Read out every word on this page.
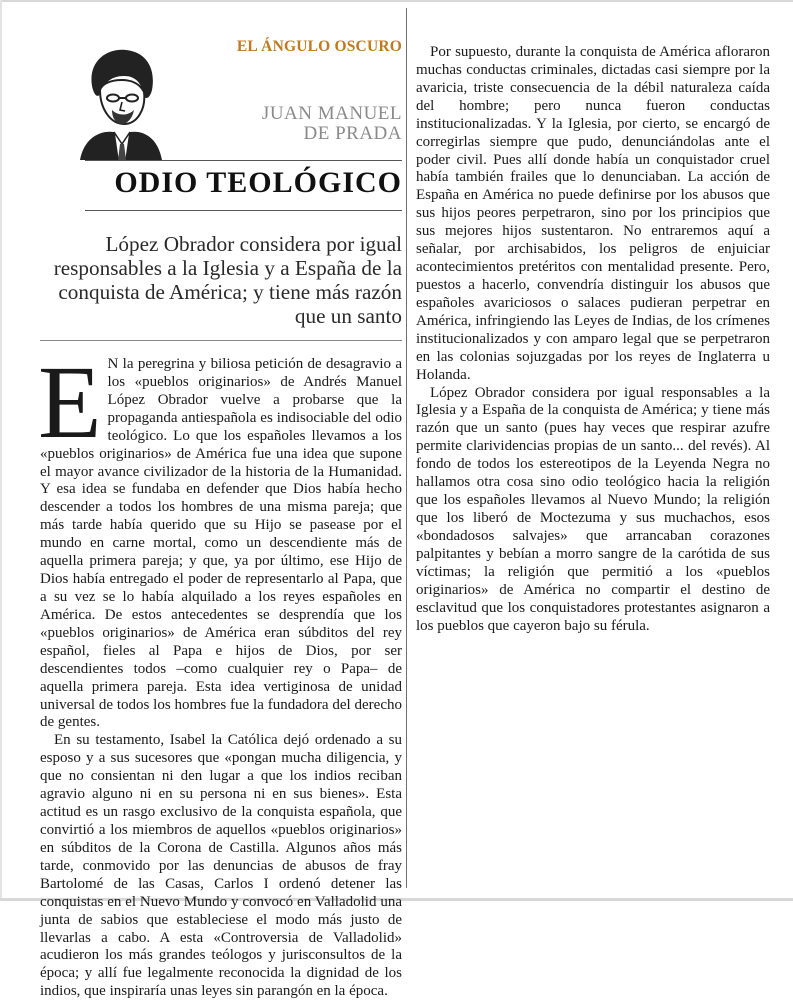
EL ÁNGULO OSCURO
JUAN MANUEL
DE PRADA
ODIO TEOLÓGICO
López Obrador considera por igual responsables a la Iglesia y a España de la conquista de América; y tiene más razón que un santo

E N la peregrina y biliosa petición de desagravio a los «pueblos originarios» de Andrés Manuel López Obrador vuelve a probarse que la propaganda antiespañola es indisociable del odio teológico. Lo que los españoles llevamos a los «pueblos originarios» de América fue una idea que supone el mayor avance civilizador de la historia de la Humanidad. Y esa idea se fundaba en defender que Dios había hecho descender a todos los hombres de una misma pareja; que más tarde había querido que su Hijo se pasease por el mundo en carne mortal, como un descendiente más de aquella primera pareja; y que, ya por último, ese Hijo de Dios había entregado el poder de representarlo al Papa, que a su vez se lo había alquilado a los reyes españoles en América. De estos antecedentes se desprendía que los «pueblos originarios» de América eran súbditos del rey español, fieles al Papa e hijos de Dios, por ser descendientes todos –como cualquier rey o Papa– de aquella primera pareja. Esta idea vertiginosa de unidad universal de todos los hombres fue la fundadora del derecho de gentes.

En su testamento, Isabel la Católica dejó ordenado a su esposo y a sus sucesores que «pongan mucha diligencia, y que no consientan ni den lugar a que los indios reciban agravio alguno ni en su persona ni en sus bienes». Esta actitud es un rasgo exclusivo de la conquista española, que convirtió a los miembros de aquellos «pueblos originarios» en súbditos de la Corona de Castilla. Algunos años más tarde, conmovido por las denuncias de abusos de fray Bartolomé de las Casas, Carlos I ordenó detener las conquistas en el Nuevo Mundo y convocó en Valladolid una junta de sabios que estableciese el modo más justo de llevarlas a cabo. A esta «Controversia de Valladolid» acudieron los más grandes teólogos y jurisconsultos de la época; y allí fue legalmente reconocida la dignidad de los indios, que inspiraría unas leyes sin parangón en la época.

Por supuesto, durante la conquista de América afloraron muchas conductas criminales, dictadas casi siempre por la avaricia, triste consecuencia de la débil naturaleza caída del hombre; pero nunca fueron conductas institucionalizadas. Y la Iglesia, por cierto, se encargó de corregirlas siempre que pudo, denunciándolas ante el poder civil. Pues allí donde había un conquistador cruel había también frailes que lo denunciaban. La acción de España en América no puede definirse por los abusos que sus hijos peores perpetraron, sino por los principios que sus mejores hijos sustentaron. No entraremos aquí a señalar, por archisabidos, los peligros de enjuiciar acontecimientos pretéritos con mentalidad presente. Pero, puestos a hacerlo, convendría distinguir los abusos que españoles avariciosos o salaces pudieran perpetrar en América, infringiendo las Leyes de Indias, de los crímenes institucionalizados y con amparo legal que se perpetraron en las colonias sojuzgadas por los reyes de Inglaterra u Holanda.

López Obrador considera por igual responsables a la Iglesia y a España de la conquista de América; y tiene más razón que un santo (pues hay veces que respirar azufre permite clarividencias propias de un santo... del revés). Al fondo de todos los estereotipos de la Leyenda Negra no hallamos otra cosa sino odio teológico hacia la religión que los españoles llevamos al Nuevo Mundo; la religión que los liberó de Moctezuma y sus muchachos, esos «bondadosos salvajes» que arrancaban corazones palpitantes y bebían a morro sangre de la carótida de sus víctimas; la religión que permitió a los «pueblos originarios» de América no compartir el destino de esclavitud que los conquistadores protestantes asignaron a los pueblos que cayeron bajo su férula.
